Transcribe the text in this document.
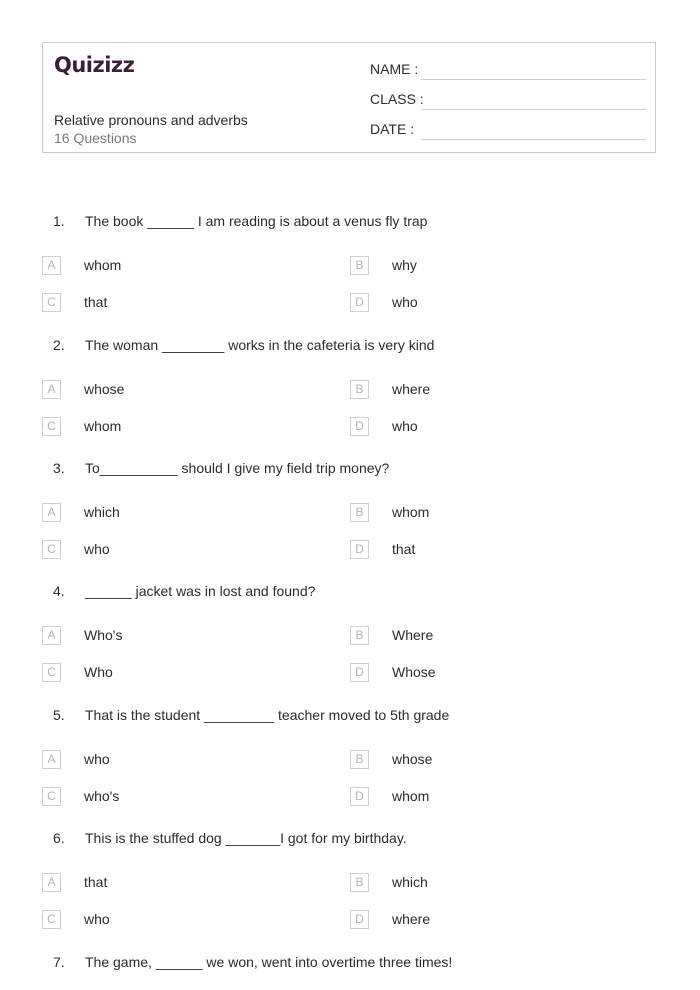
Quizizz
Relative pronouns and adverbs
16 Questions
NAME :
CLASS :
DATE :
1. The book ______ I am reading is about a venus fly trap
A	whom	B	why
C	that	D	who
2. The woman ________ works in the cafeteria is very kind
A	whose	B	where
C	whom	D	who
3. To__________ should I give my field trip money?
A	which	B	whom
C	who	D	that
4. ______ jacket was in lost and found?
A	Who's	B	Where
C	Who	D	Whose
5. That is the student _________ teacher moved to 5th grade
A	who	B	whose
C	who's	D	whom
6. This is the stuffed dog _______I got for my birthday.
A	that	B	which
C	who	D	where
7. The game, ______ we won, went into overtime three times!
